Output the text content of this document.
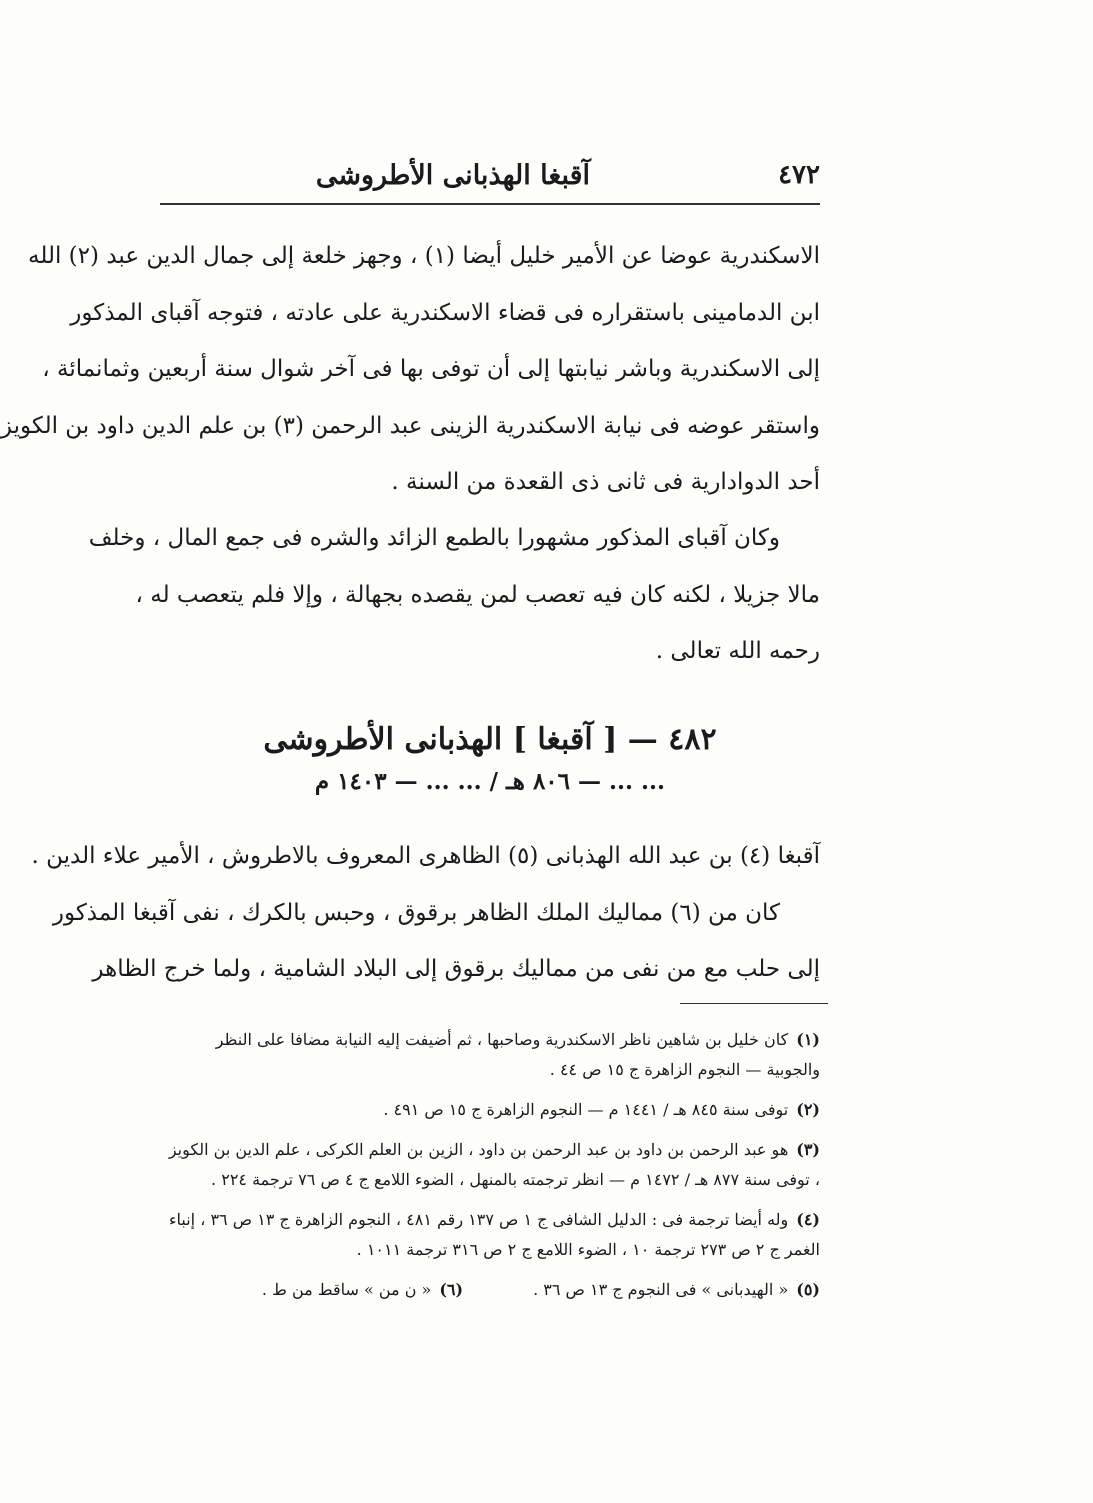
٤٧٢
آقبغا الهذبانى الأطروشى
الاسكندرية عوضا عن الأمير خليل أيضا (١) ، وجهز خلعة إلى جمال الدين عبد (٢) الله
ابن الدمامينى باستقراره فى قضاء الاسكندرية على عادته ، فتوجه آقباى المذكور
إلى الاسكندرية وباشر نيابتها إلى أن توفى بها فى آخر شوال سنة أربعين وثمانمائة ،
واستقر عوضه فى نيابة الاسكندرية الزينى عبد الرحمن (٣) بن علم الدين داود بن الكويز
أحد الدوادارية فى ثانى ذى القعدة من السنة .
وكان آقباى المذكور مشهورا بالطمع الزائد والشره فى جمع المال ، وخلف
مالا جزيلا ، لكنه كان فيه تعصب لمن يقصده بجهالة ، وإلا فلم يتعصب له ،
رحمه الله تعالى .
٤٨٢ — [ آقبغا ] الهذبانى الأطروشى
... ... — ٨٠٦ هـ / ... ... — ١٤٠٣ م
آقبغا (٤) بن عبد الله الهذبانى (٥) الظاهرى المعروف بالاطروش ، الأمير علاء الدين .
كان من (٦) مماليك الملك الظاهر برقوق ، وحبس بالكرك ، نفى آقبغا المذكور
إلى حلب مع من نفى من مماليك برقوق إلى البلاد الشامية ، ولما خرج الظاهر
(١)كان خليل بن شاهين ناظر الاسكندرية وصاحبها ، ثم أضيفت إليه النيابة مضافا على النظر والجوبية — النجوم الزاهرة ج ١٥ ص ٤٤ .
(٢)توفى سنة ٨٤٥ هـ / ١٤٤١ م — النجوم الزاهرة ج ١٥ ص ٤٩١ .
(٣)هو عبد الرحمن بن داود بن عبد الرحمن بن داود ، الزين بن العلم الكركى ، علم الدين بن الكويز ، توفى سنة ٨٧٧ هـ / ١٤٧٢ م — انظر ترجمته بالمنهل ، الضوء اللامع ج ٤ ص ٧٦ ترجمة ٢٢٤ .
(٤)وله أيضا ترجمة فى : الدليل الشافى ج ١ ص ١٣٧ رقم ٤٨١ ، النجوم الزاهرة ج ١٣ ص ٣٦ ، إنباء الغمر ج ٢ ص ٢٧٣ ترجمة ١٠ ، الضوء اللامع ج ٢ ص ٣١٦ ترجمة ١٠١١ .
(٥)« الهيدبانى » فى النجوم ج ١٣ ص ٣٦ .
(٦)« ن من » ساقط من ط .
